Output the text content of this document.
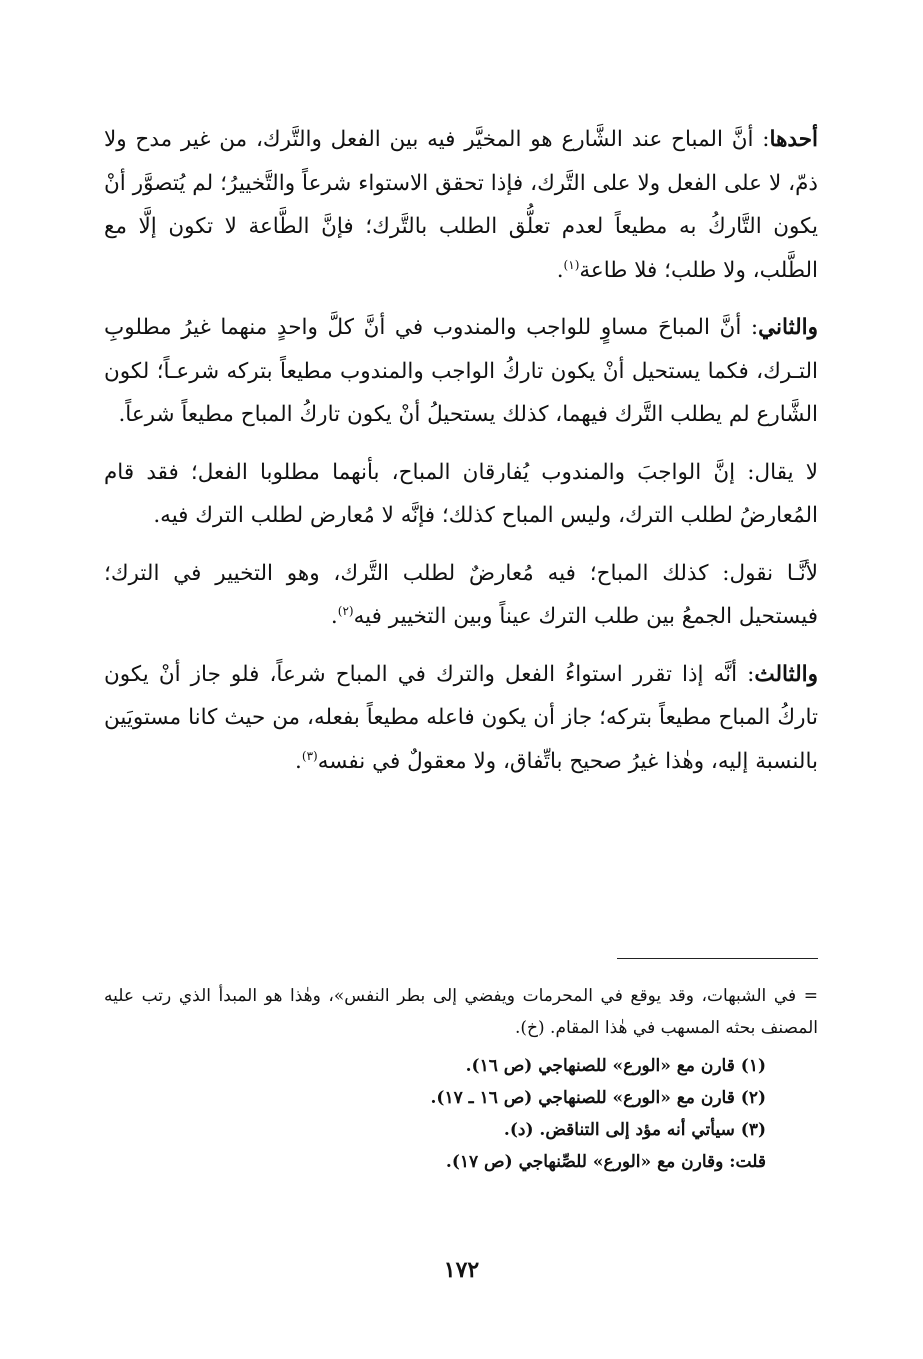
أحدها: أنَّ المباح عند الشَّارع هو المخيَّر فيه بين الفعل والتَّرك، من غير مدح ولا ذمّ، لا على الفعل ولا على التَّرك، فإذا تحقق الاستواء شرعاً والتَّخييرُ؛ لم يُتصوَّر أنْ يكون التَّاركُ به مطيعاً لعدم تعلُّق الطلب بالتَّرك؛ فإنَّ الطَّاعة لا تكون إلَّا مع الطَّلب، ولا طلب؛ فلا طاعة$^{(١)}$.

والثاني: أنَّ المباحَ مساوٍ للواجب والمندوب في أنَّ كلَّ واحدٍ منهما غيرُ مطلوبِ التـرك، فكما يستحيل أنْ يكون تاركُ الواجب والمندوب مطيعاً بتركه شرعـاً؛ لكون الشَّارع لم يطلب التَّرك فيهما، كذلك يستحيلُ أنْ يكون تاركُ المباح مطيعاً شرعاً.

لا يقال: إنَّ الواجبَ والمندوب يُفارقان المباح، بأنهما مطلوبا الفعل؛ فقد قام المُعارضُ لطلب الترك، وليس المباح كذلك؛ فإنَّه لا مُعارض لطلب الترك فيه.

لأنَّـا نقول: كذلك المباح؛ فيه مُعارضٌ لطلب التَّرك، وهو التخيير في الترك؛ فيستحيل الجمعُ بين طلب الترك عيناً وبين التخيير فيه$^{(٢)}$.

والثالث: أنَّه إذا تقرر استواءُ الفعل والترك في المباح شرعاً، فلو جاز أنْ يكون تاركُ المباح مطيعاً بتركه؛ جاز أن يكون فاعله مطيعاً بفعله، من حيث كانا مستويَين بالنسبة إليه، وهٰذا غيرُ صحيح باتِّفاق، ولا معقولٌ في نفسه$^{(٣)}$.

= في الشبهات، وقد يوقع في المحرمات ويفضي إلى بطر النفس»، وهٰذا هو المبدأ الذي رتب عليه المصنف بحثه المسهب في هٰذا المقام. (خ).

(١) قارن مع «الورع» للصنهاجي (ص ١٦).

(٢) قارن مع «الورع» للصنهاجي (ص ١٦ ـ ١٧).

(٣) سيأتي أنه مؤد إلى التناقض. (د).

قلت: وقارن مع «الورع» للصِّنهاجي (ص ١٧).

١٧٢
